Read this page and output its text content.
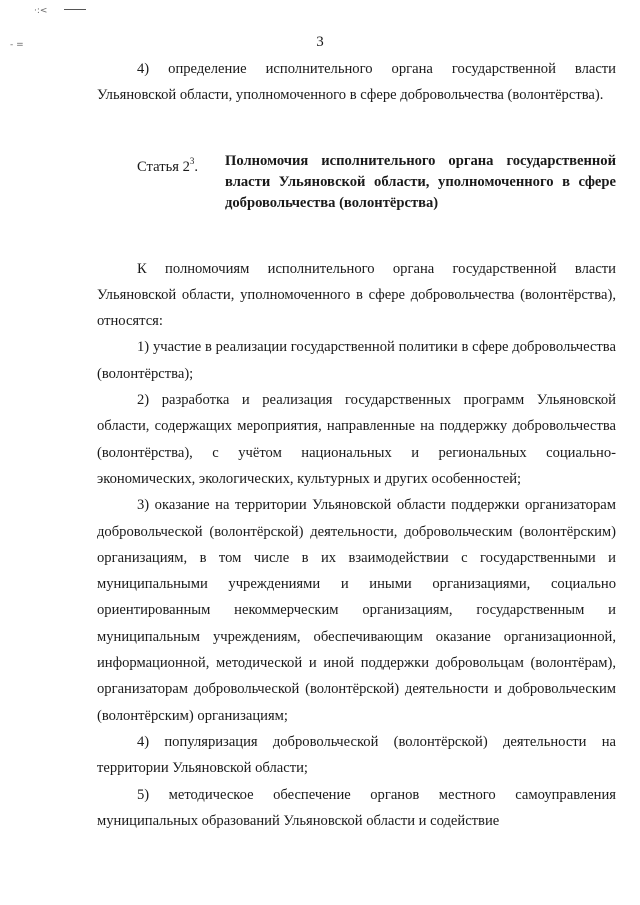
·:<
- =	3

4) определение исполнительного органа государственной власти Ульяновской области, уполномоченного в сфере добровольчества (волонтёрства).

Статья $2^3$. Полномочия исполнительного органа государственной власти Ульяновской области, уполномоченного в сфере добровольчества (волонтёрства)

К полномочиям исполнительного органа государственной власти Ульяновской области, уполномоченного в сфере добровольчества (волонтёрства), относятся:

1) участие в реализации государственной политики в сфере добровольчества (волонтёрства);

2) разработка и реализация государственных программ Ульяновской области, содержащих мероприятия, направленные на поддержку добровольчества (волонтёрства), с учётом национальных и региональных социально-экономических, экологических, культурных и других особенностей;

3) оказание на территории Ульяновской области поддержки организаторам добровольческой (волонтёрской) деятельности, добровольческим (волонтёрским) организациям, в том числе в их взаимодействии с государственными и муниципальными учреждениями и иными организациями, социально ориентированным некоммерческим организациям, государственным и муниципальным учреждениям, обеспечивающим оказание организационной, информационной, методической и иной поддержки добровольцам (волонтёрам), организаторам добровольческой (волонтёрской) деятельности и добровольческим (волонтёрским) организациям;

4) популяризация добровольческой (волонтёрской) деятельности на территории Ульяновской области;

5) методическое обеспечение органов местного самоуправления муниципальных образований Ульяновской области и содействие
